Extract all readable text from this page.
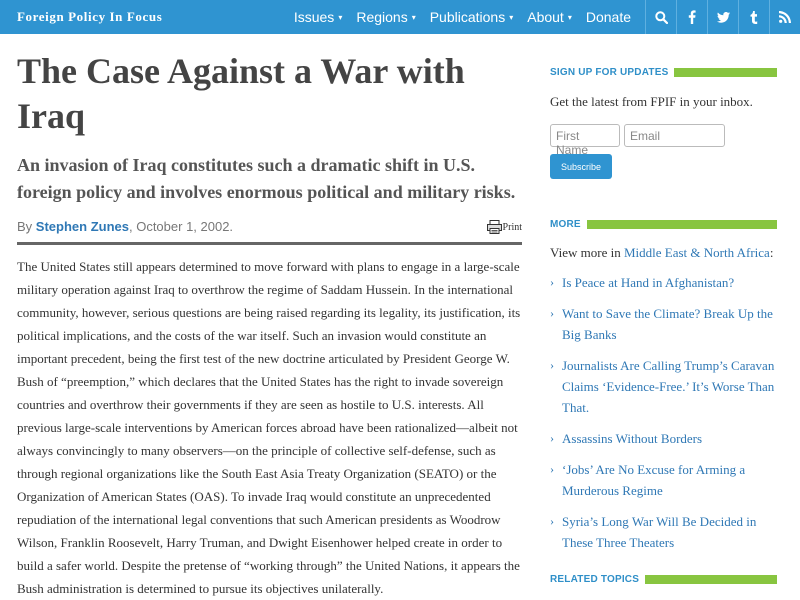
Foreign Policy In Focus	Issues ▾ Regions ▾ Publications ▾ About ▾ Donate
The Case Against a War with Iraq
An invasion of Iraq constitutes such a dramatic shift in U.S. foreign policy and involves enormous political and military risks.
By Stephen Zunes, October 1, 2002.	Print

The United States still appears determined to move forward with plans to engage in a large-scale military operation against Iraq to overthrow the regime of Saddam Hussein. In the international community, however, serious questions are being raised regarding its legality, its justification, its political implications, and the costs of the war itself. Such an invasion would constitute an important precedent, being the first test of the new doctrine articulated by President George W. Bush of “preemption,” which declares that the United States has the right to invade sovereign countries and overthrow their governments if they are seen as hostile to U.S. interests. All previous large-scale interventions by American forces abroad have been rationalized—albeit not always convincingly to many observers—on the principle of collective self-defense, such as through regional organizations like the South East Asia Treaty Organization (SEATO) or the Organization of American States (OAS). To invade Iraq would constitute an unprecedented repudiation of the international legal conventions that such American presidents as Woodrow Wilson, Franklin Roosevelt, Harry Truman, and Dwight Eisenhower helped create in order to build a safer world. Despite the pretense of “working through” the United Nations, it appears the Bush administration is determined to pursue its objectives unilaterally.

SIGN UP FOR UPDATES
Get the latest from FPIF in your inbox.
First Name
Email
Subscribe
MORE
View more in Middle East & North Africa:
› Is Peace at Hand in Afghanistan?
› Want to Save the Climate? Break Up the Big Banks
› Journalists Are Calling Trump’s Caravan Claims ‘Evidence-Free.’ It’s Worse Than That.
› Assassins Without Borders
› ‘Jobs’ Are No Excuse for Arming a Murderous Regime
› Syria’s Long War Will Be Decided in These Three Theaters
RELATED TOPICS
